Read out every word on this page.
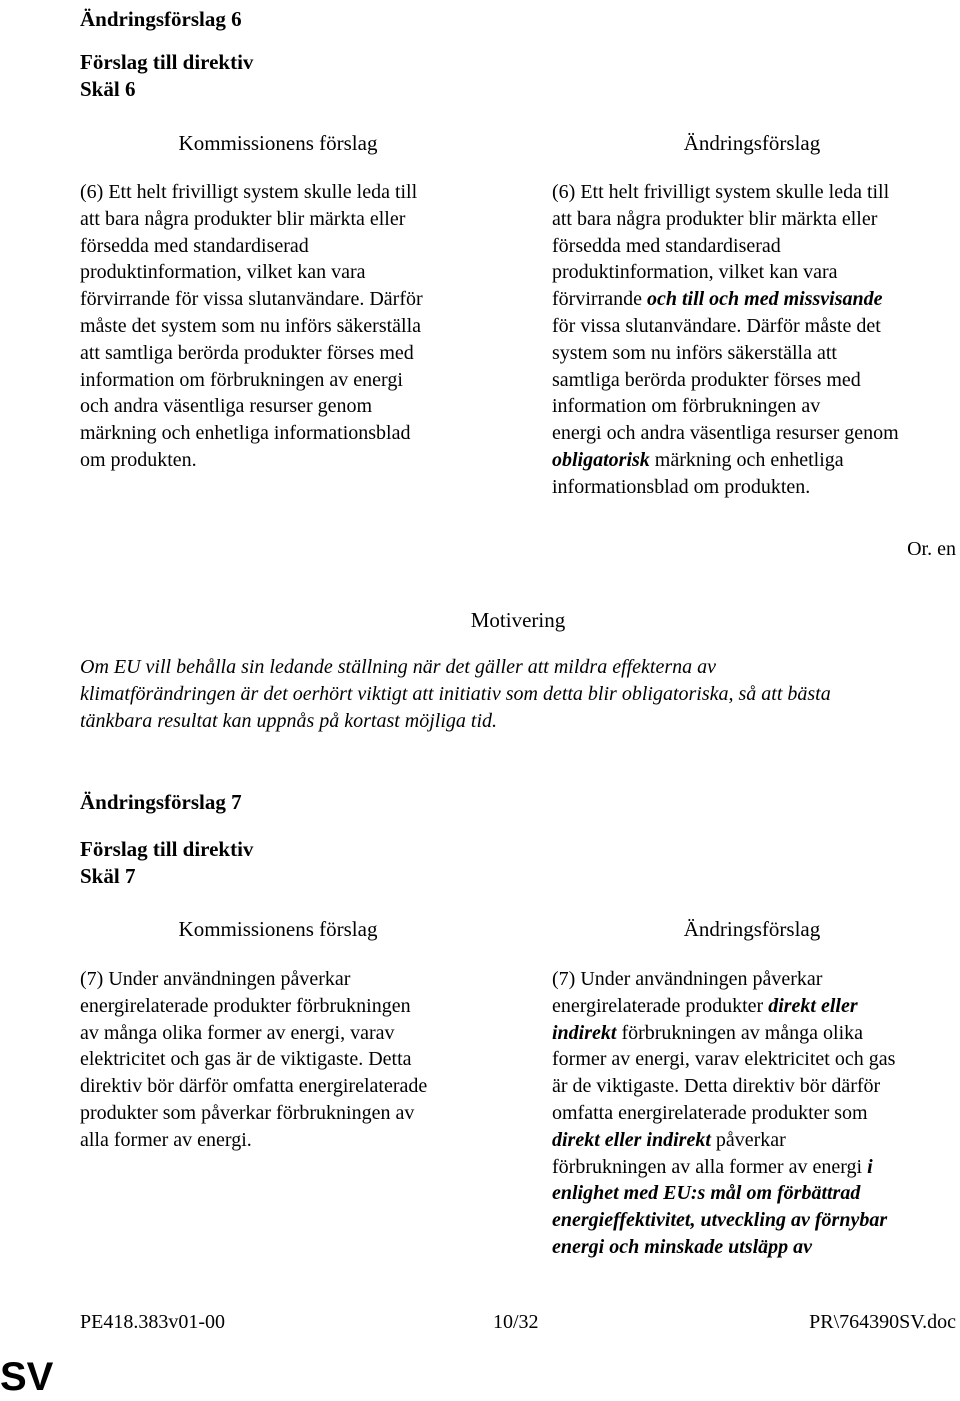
Ändringsförslag 6
Förslag till direktiv
Skäl 6
Kommissionens förslag	Ändringsförslag
(6) Ett helt frivilligt system skulle leda till
att bara några produkter blir märkta eller
försedda med standardiserad
produktinformation, vilket kan vara
förvirrande för vissa slutanvändare. Därför
måste det system som nu införs säkerställa
att samtliga berörda produkter förses med
information om förbrukningen av energi
och andra väsentliga resurser genom
märkning och enhetliga informationsblad
om produkten.
(6) Ett helt frivilligt system skulle leda till
att bara några produkter blir märkta eller
försedda med standardiserad
produktinformation, vilket kan vara
förvirrande och till och med missvisande
för vissa slutanvändare. Därför måste det
system som nu införs säkerställa att
samtliga berörda produkter förses med
information om förbrukningen av
energi och andra väsentliga resurser genom
obligatorisk märkning och enhetliga
informationsblad om produkten.
Or. en
Motivering
Om EU vill behålla sin ledande ställning när det gäller att mildra effekterna av
klimatförändringen är det oerhört viktigt att initiativ som detta blir obligatoriska, så att bästa
tänkbara resultat kan uppnås på kortast möjliga tid.
Ändringsförslag 7
Förslag till direktiv
Skäl 7
Kommissionens förslag	Ändringsförslag
(7) Under användningen påverkar
energirelaterade produkter förbrukningen
av många olika former av energi, varav
elektricitet och gas är de viktigaste. Detta
direktiv bör därför omfatta energirelaterade
produkter som påverkar förbrukningen av
alla former av energi.
(7) Under användningen påverkar
energirelaterade produkter direkt eller
indirekt förbrukningen av många olika
former av energi, varav elektricitet och gas
är de viktigaste. Detta direktiv bör därför
omfatta energirelaterade produkter som
direkt eller indirekt påverkar
förbrukningen av alla former av energi i
enlighet med EU:s mål om förbättrad
energieffektivitet, utveckling av förnybar
energi och minskade utsläpp av
PE418.383v01-00	10/32	PR\764390SV.doc
SV
